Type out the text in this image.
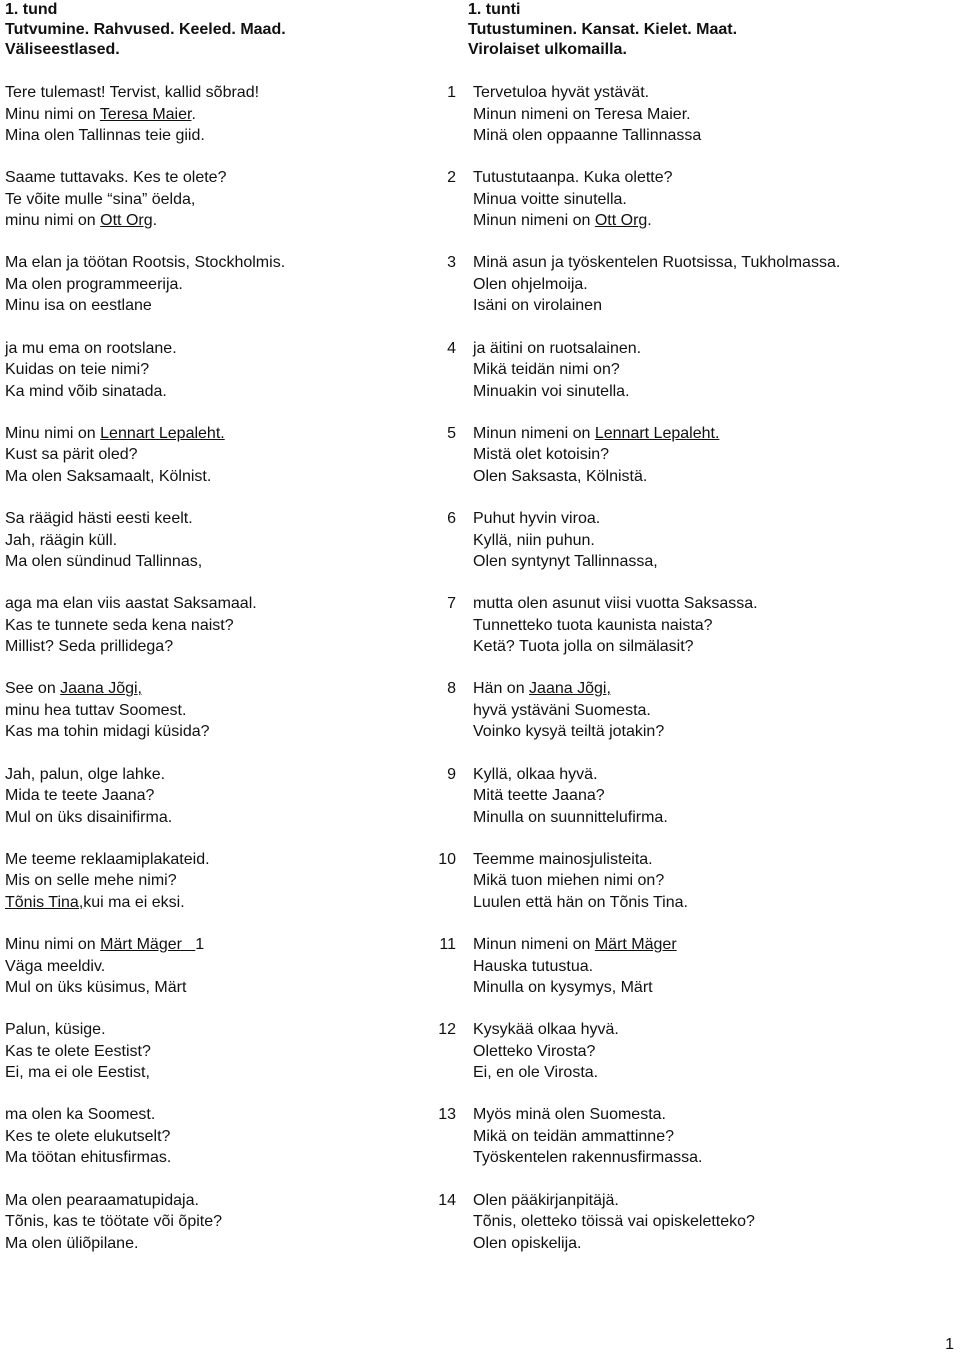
1. tund
Tutvumine. Rahvused. Keeled. Maad.
Väliseestlased.
1. tunti
Tutustuminen. Kansat. Kielet. Maat.
Virolaiset ulkomailla.
1
Tere tulemast! Tervist, kallid sõbrad!
Minu nimi on Teresa Maier.
Mina olen Tallinnas teie giid.
Tervetuloa hyvät ystävät.
Minun nimeni on Teresa Maier.
Minä olen oppaanne Tallinnassa
2
Saame tuttavaks. Kes te olete?
Te võite mulle “sina” öelda,
minu nimi on Ott Org.
Tutustutaanpa. Kuka olette?
Minua voitte sinutella.
Minun nimeni on Ott Org.
3
Ma elan ja töötan Rootsis, Stockholmis.
Ma olen programmeerija.
Minu isa on eestlane
Minä asun ja työskentelen Ruotsissa, Tukholmassa.
Olen ohjelmoija.
Isäni on virolainen
4
ja mu ema on rootslane.
Kuidas on teie nimi?
Ka mind võib sinatada.
ja äitini on ruotsalainen.
Mikä teidän nimi on?
Minuakin voi sinutella.
5
Minu nimi on Lennart Lepaleht.
Kust sa pärit oled?
Ma olen Saksamaalt, Kölnist.
Minun nimeni on Lennart Lepaleht.
Mistä olet kotoisin?
Olen Saksasta, Kölnistä.
6
Sa räägid hästi eesti keelt.
Jah, räägin küll.
Ma olen sündinud Tallinnas,
Puhut hyvin viroa.
Kyllä, niin puhun.
Olen syntynyt Tallinnassa,
7
aga ma elan viis aastat Saksamaal.
Kas te tunnete seda kena naist?
Millist? Seda prillidega?
mutta olen asunut viisi vuotta Saksassa.
Tunnetteko tuota kaunista naista?
Ketä? Tuota jolla on silmälasit?
8
See on Jaana Jõgi,
minu hea tuttav Soomest.
Kas ma tohin midagi küsida?
Hän on Jaana Jõgi,
hyvä ystäväni Suomesta.
Voinko kysyä teiltä jotakin?
9
Jah, palun, olge lahke.
Mida te teete Jaana?
Mul on üks disainifirma.
Kyllä, olkaa hyvä.
Mitä teette Jaana?
Minulla on suunnittelufirma.
10
Me teeme reklaamiplakateid.
Mis on selle mehe nimi?
Tõnis Tina,kui ma ei eksi.
Teemme mainosjulisteita.
Mikä tuon miehen nimi on?
Luulen että hän on Tõnis Tina.
11
Minu nimi on Märt Mäger   1
Väga meeldiv.
Mul on üks küsimus, Märt
Minun nimeni on Märt Mäger
Hauska tutustua.
Minulla on kysymys, Märt
12
Palun, küsige.
Kas te olete Eestist?
Ei, ma ei ole Eestist,
Kysykää olkaa hyvä.
Oletteko Virosta?
Ei, en ole Virosta.
13
ma olen ka Soomest.
Kes te olete elukutselt?
Ma töötan ehitusfirmas.
Myös minä olen Suomesta.
Mikä on teidän ammattinne?
Työskentelen rakennusfirmassa.
14
Ma olen pearaamatupidaja.
Tõnis, kas te töötate või õpite?
Ma olen üliõpilane.
Olen pääkirjanpitäjä.
Tõnis, oletteko töissä vai opiskeletteko?
Olen opiskelija.
1
